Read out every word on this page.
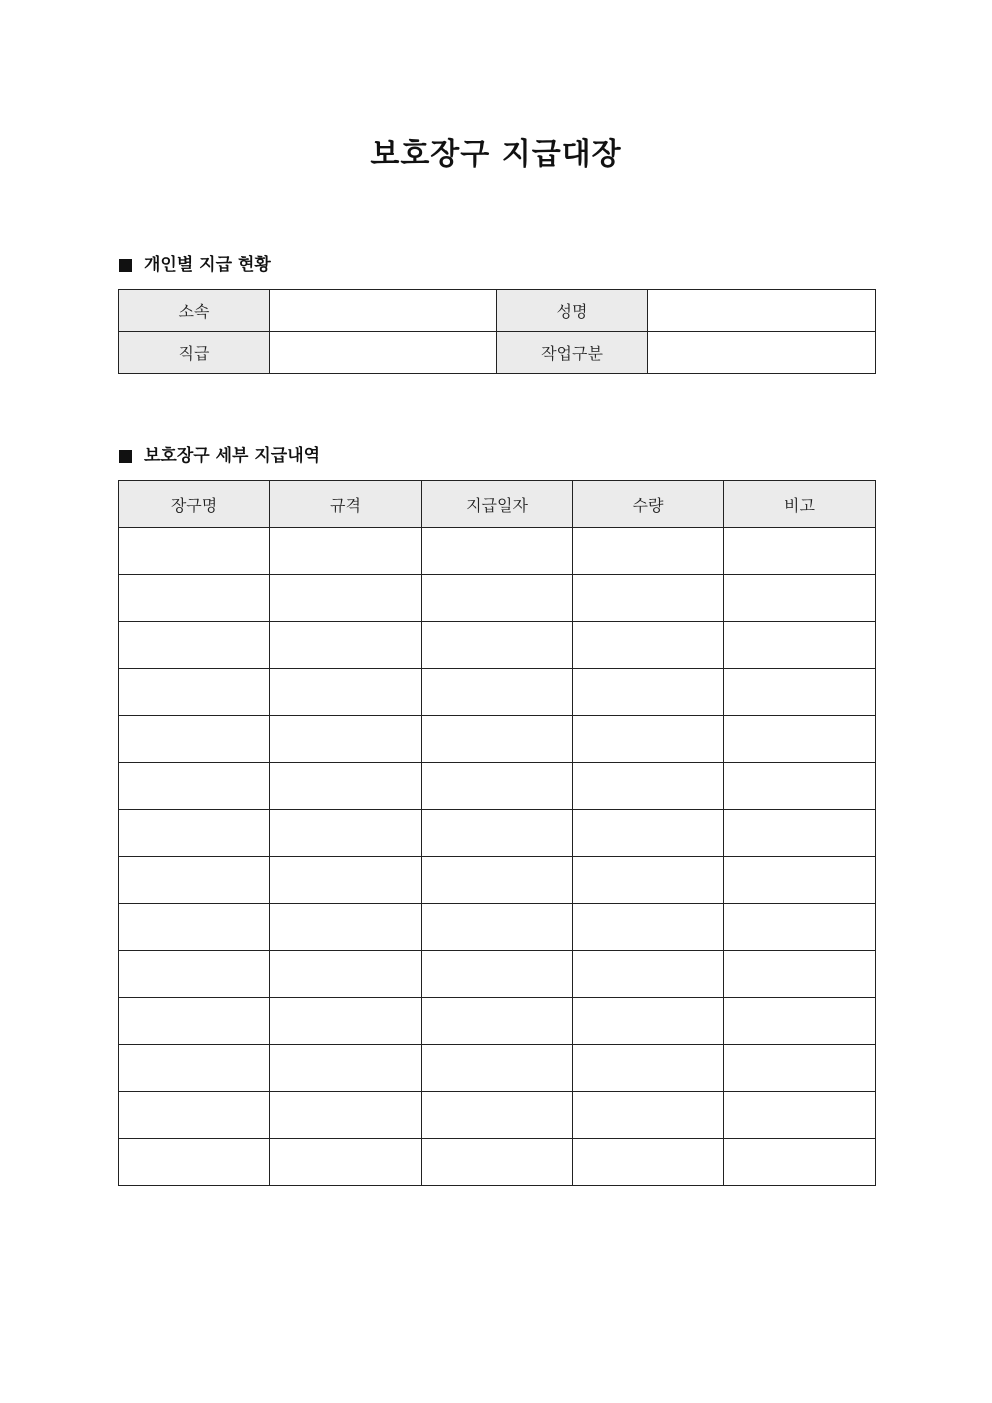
보호장구 지급대장
개인별 지급 현황
소속		성명	
직급		작업구분	
보호장구 세부 지급내역
장구명	규격	지급일자	수량	비고
